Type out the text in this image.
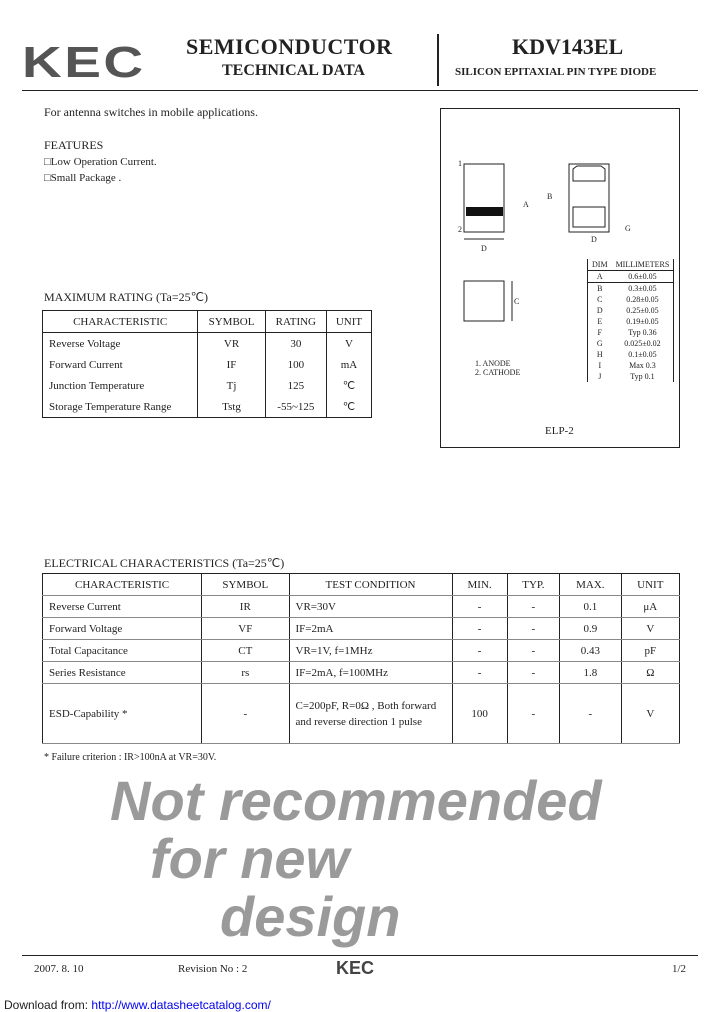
KEC SEMICONDUCTOR
TECHNICAL DATA
KDV143EL
SILICON EPITAXIAL PIN TYPE DIODE
For antenna switches in mobile applications.
FEATURES
□Low Operation Current.
□Small Package .
MAXIMUM RATING (Ta=25℃)
CHARACTERISTIC	SYMBOL	RATING	UNIT
Reverse Voltage	VR	30	V
Forward Current	IF	100	mA
Junction Temperature	Tj	125	℃
Storage Temperature Range	Tstg	-55~125	℃
1
2
A
B
D
C
D
G
1. ANODE
2. CATHODE
DIM	MILLIMETERS
A	0.6±0.05
B	0.3±0.05
C	0.28±0.05
D	0.25±0.05
E	0.19±0.05
F	Typ 0.36
G	0.025±0.02
H	0.1±0.05
I	Max 0.3
J	Typ 0.1
ELP-2
ELECTRICAL CHARACTERISTICS (Ta=25℃)
CHARACTERISTIC	SYMBOL	TEST CONDITION	MIN.	TYP.	MAX.	UNIT
Reverse Current	IR	VR=30V	-	-	0.1	μA
Forward Voltage	VF	IF=2mA	-	-	0.9	V
Total Capacitance	CT	VR=1V, f=1MHz	-	-	0.43	pF
Series Resistance	rs	IF=2mA, f=100MHz	-	-	1.8	Ω
ESD-Capability *	-	C=200pF, R=0Ω , Both forward and reverse direction 1 pulse	100	-	-	V
* Failure criterion : IR>100nA at VR=30V.
Not recommended
for new
design
2007. 8. 10	Revision No : 2	KEC	1/2
Download from: http://www.datasheetcatalog.com/
